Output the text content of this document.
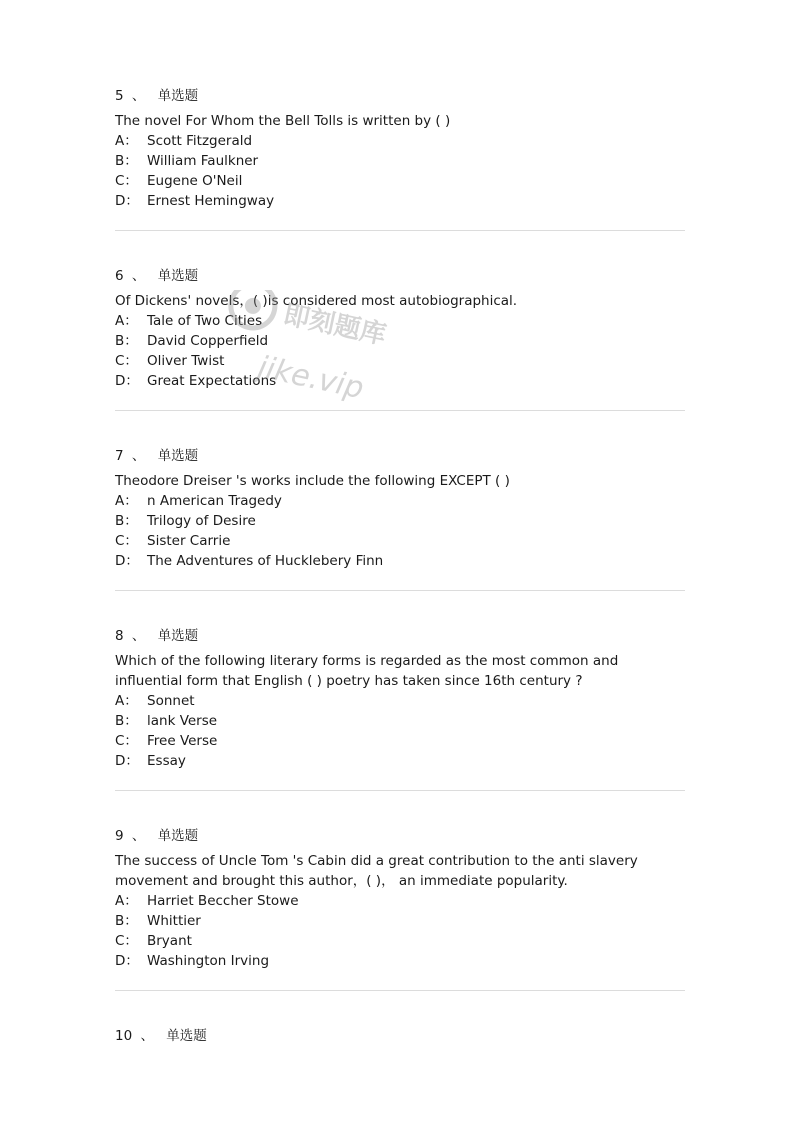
5 、 单选题

The novel For Whom the Bell Tolls is written by ( )

A： Scott Fitzgerald
B： William Faulkner
C： Eugene O'Neil
D： Ernest Hemingway
6 、 单选题

Of Dickens' novels，( )is considered most autobiographical.

A： Tale of Two Cities
B： David Copperfield
C： Oliver Twist
D： Great Expectations
7 、 单选题

Theodore Dreiser 's works include the following EXCEPT ( )

A： n American Tragedy
B： Trilogy of Desire
C： Sister Carrie
D： The Adventures of Hucklebery Finn
8 、 单选题

Which of the following literary forms is regarded as the most common and influential form that English ( ) poetry has taken since 16th century ?

A： Sonnet
B： lank Verse
C： Free Verse
D： Essay
9 、 单选题

The success of Uncle Tom 's Cabin did a great contribution to the anti slavery movement and brought this author，( )， an immediate popularity.

A： Harriet Beccher Stowe
B： Whittier
C： Bryant
D： Washington Irving
10 、 单选题
即刻题库
jike.vip
